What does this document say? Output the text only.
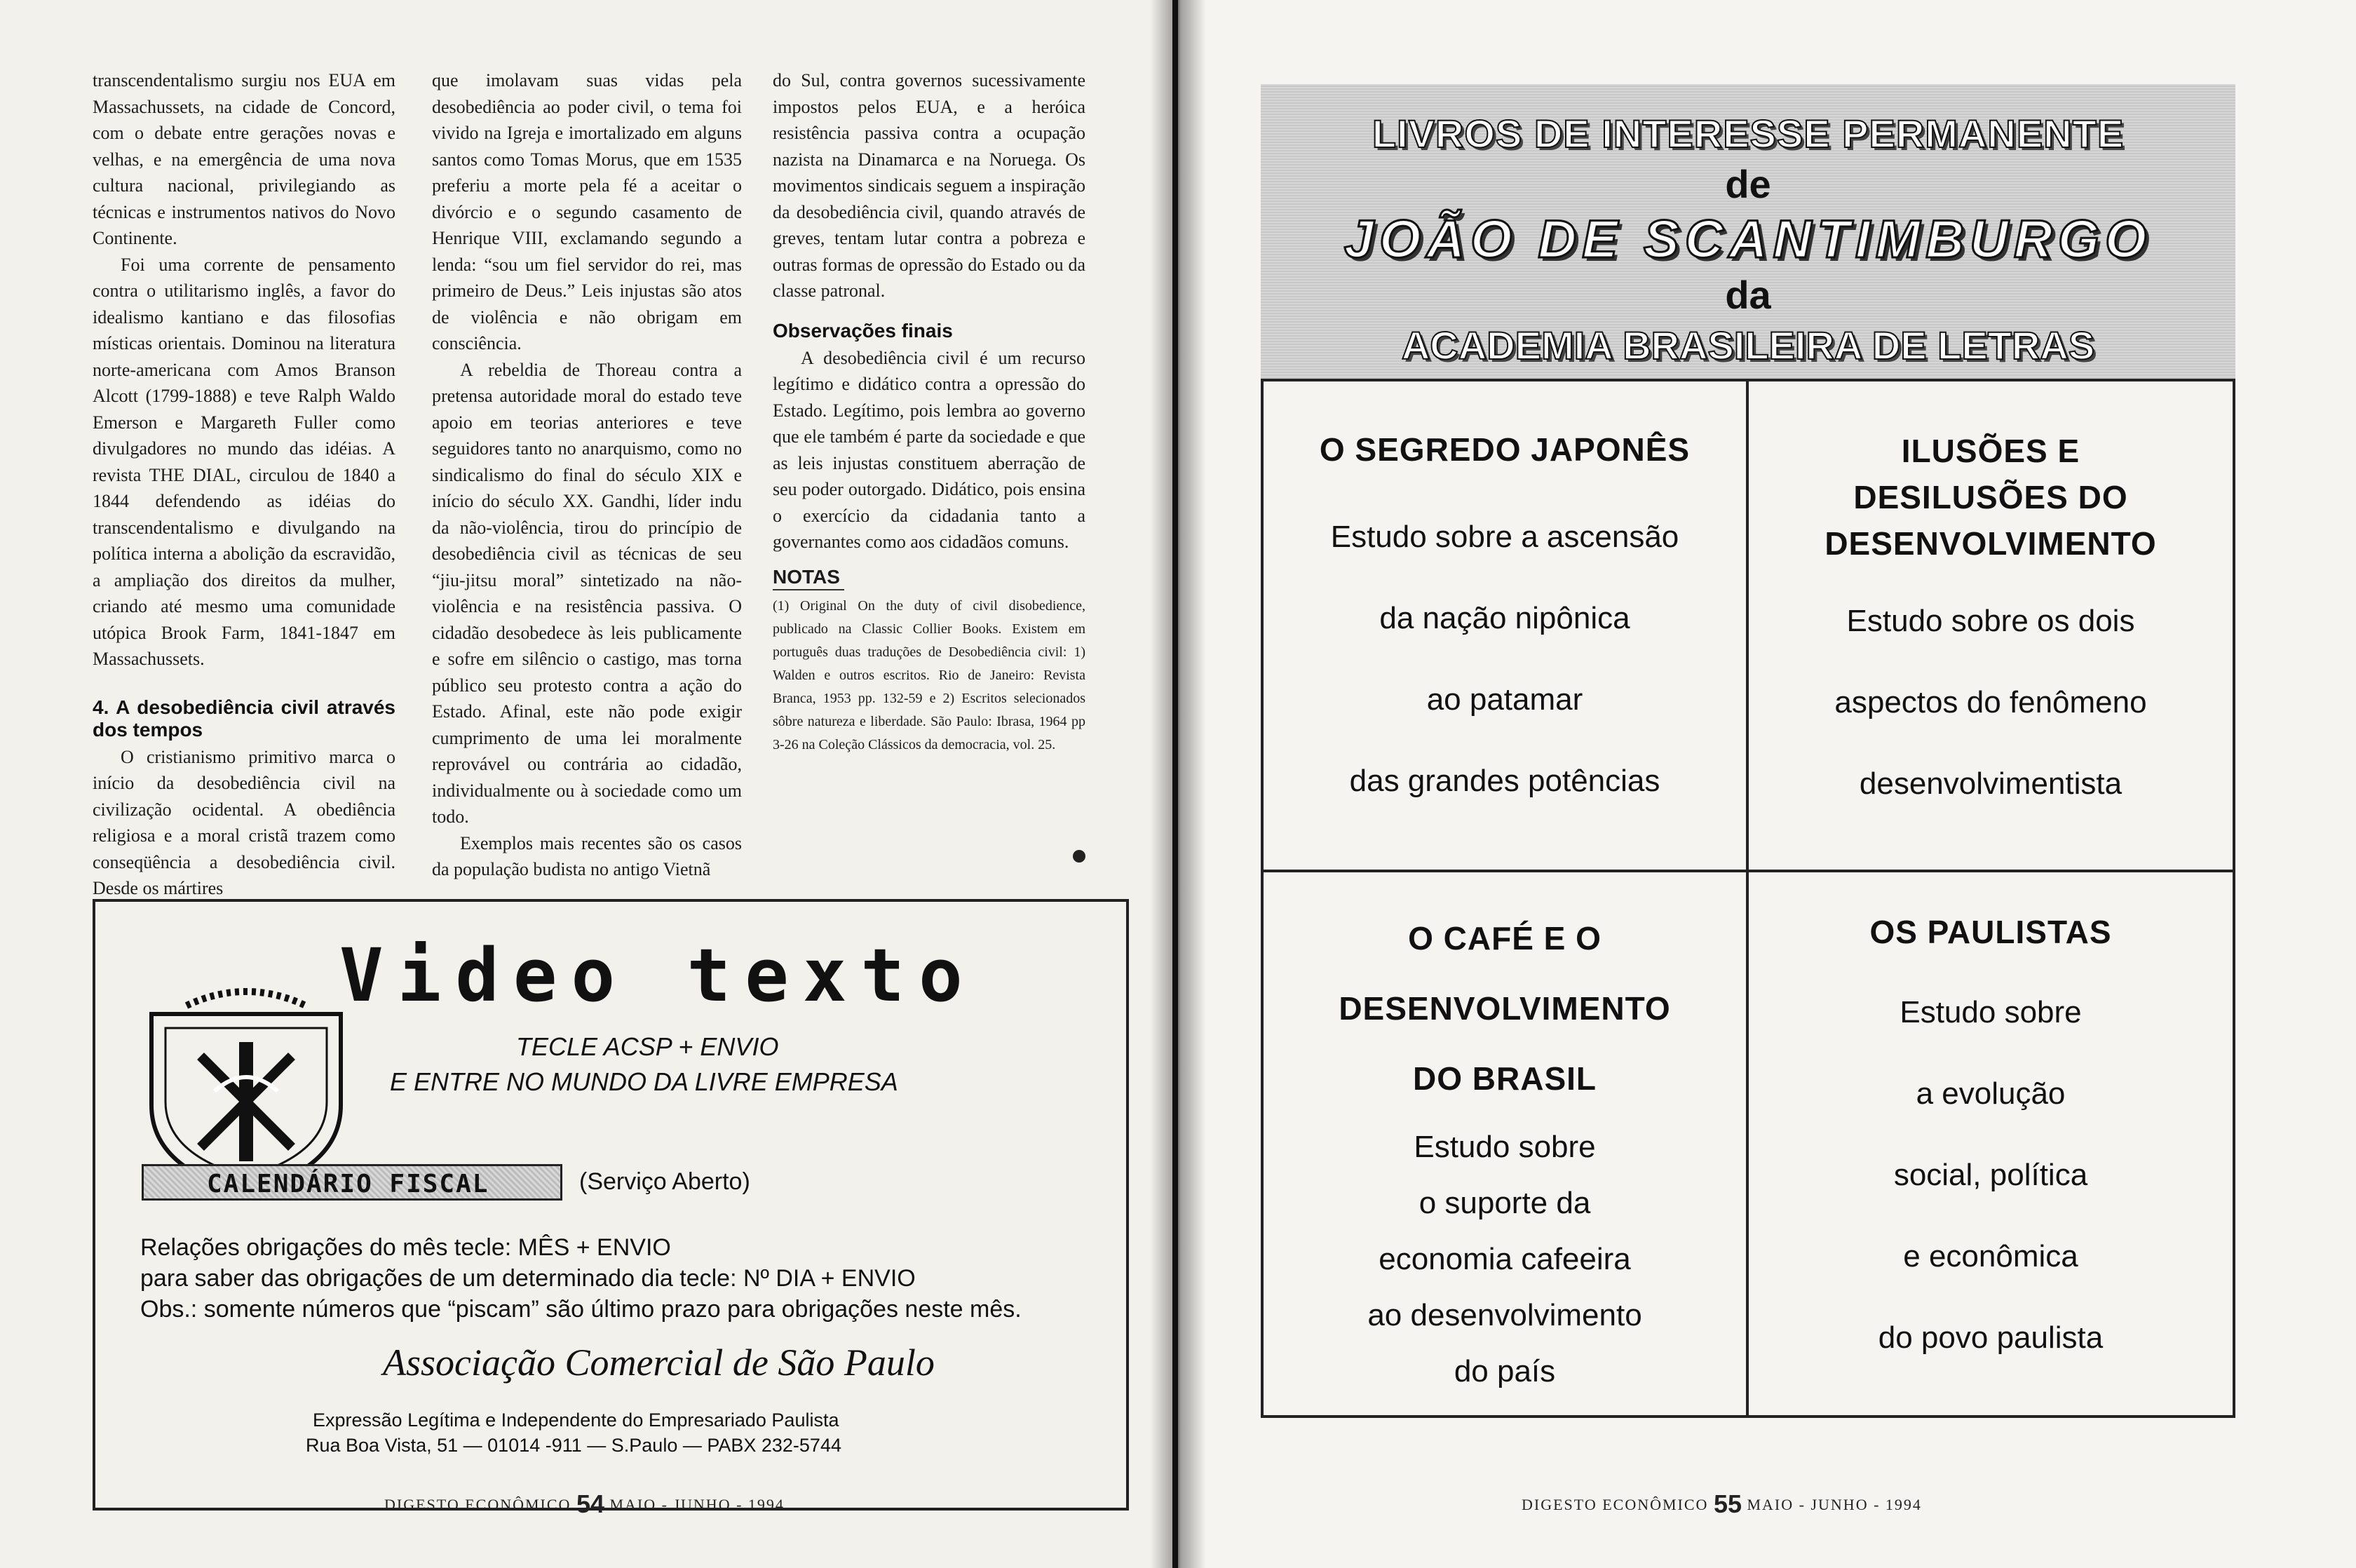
transcendentalismo surgiu nos EUA em Massachussets, na cidade de Concord, com o debate entre gerações novas e velhas, e na emergência de uma nova cultura nacional, privilegiando as técnicas e instrumentos nativos do Novo Continente.

Foi uma corrente de pensamento contra o utilitarismo inglês, a favor do idealismo kantiano e das filosofias místicas orientais. Dominou na literatura norte-americana com Amos Branson Alcott (1799-1888) e teve Ralph Waldo Emerson e Margareth Fuller como divulgadores no mundo das idéias. A revista THE DIAL, circulou de 1840 a 1844 defendendo as idéias do transcendentalismo e divulgando na política interna a abolição da escravidão, a ampliação dos direitos da mulher, criando até mesmo uma comunidade utópica Brook Farm, 1841-1847 em Massachussets.

4. A desobediência civil através dos tempos

O cristianismo primitivo marca o início da desobediência civil na civilização ocidental. A obediência religiosa e a moral cristã trazem como conseqüência a desobediência civil. Desde os mártires

que imolavam suas vidas pela desobediência ao poder civil, o tema foi vivido na Igreja e imortalizado em alguns santos como Tomas Morus, que em 1535 preferiu a morte pela fé a aceitar o divórcio e o segundo casamento de Henrique VIII, exclamando segundo a lenda: “sou um fiel servidor do rei, mas primeiro de Deus.” Leis injustas são atos de violência e não obrigam em consciência.

A rebeldia de Thoreau contra a pretensa autoridade moral do estado teve apoio em teorias anteriores e teve seguidores tanto no anarquismo, como no sindicalismo do final do século XIX e início do século XX. Gandhi, líder indu da não-violência, tirou do princípio de desobediência civil as técnicas de seu “jiu-jitsu moral” sintetizado na não-violência e na resistência passiva. O cidadão desobedece às leis publicamente e sofre em silêncio o castigo, mas torna público seu protesto contra a ação do Estado. Afinal, este não pode exigir cumprimento de uma lei moralmente reprovável ou contrária ao cidadão, individualmente ou à sociedade como um todo.

Exemplos mais recentes são os casos da população budista no antigo Vietnã

do Sul, contra governos sucessivamente impostos pelos EUA, e a heróica resistência passiva contra a ocupação nazista na Dinamarca e na Noruega. Os movimentos sindicais seguem a inspiração da desobediência civil, quando através de greves, tentam lutar contra a pobreza e outras formas de opressão do Estado ou da classe patronal.

Observações finais

A desobediência civil é um recurso legítimo e didático contra a opressão do Estado. Legítimo, pois lembra ao governo que ele também é parte da sociedade e que as leis injustas constituem aberração de seu poder outorgado. Didático, pois ensina o exercício da cidadania tanto a governantes como aos cidadãos comuns.

NOTAS
(1) Original On the duty of civil disobedience, publicado na Classic Collier Books. Existem em português duas traduções de Desobediência civil: 1) Walden e outros escritos. Rio de Janeiro: Revista Branca, 1953 pp. 132-59 e 2) Escritos selecionados sôbre natureza e liberdade. São Paulo: Ibrasa, 1964 pp 3-26 na Coleção Clássicos da democracia, vol. 25.
Video texto
TECLE ACSP + ENVIO
E ENTRE NO MUNDO DA LIVRE EMPRESA
CALENDÁRIO FISCAL	(Serviço Aberto)
Relações obrigações do mês tecle: MÊS + ENVIO
para saber das obrigações de um determinado dia tecle: Nº DIA + ENVIO
Obs.: somente números que “piscam” são último prazo para obrigações neste mês.
Associação Comercial de São Paulo
Expressão Legítima e Independente do Empresariado Paulista
Rua Boa Vista, 51 — 01014 -911 — S.Paulo — PABX 232-5744
DIGESTO ECONÔMICO 54 MAIO - JUNHO - 1994
LIVROS DE INTERESSE PERMANENTE
de
JOÃO DE SCANTIMBURGO
da
ACADEMIA BRASILEIRA DE LETRAS
O SEGREDO JAPONÊS
Estudo sobre a ascensão
da nação nipônica
ao patamar
das grandes potências
ILUSÕES E
DESILUSÕES DO
DESENVOLVIMENTO
Estudo sobre os dois
aspectos do fenômeno
desenvolvimentista
O CAFÉ E O
DESENVOLVIMENTO
DO BRASIL
Estudo sobre
o suporte da
economia cafeeira
ao desenvolvimento
do país
OS PAULISTAS
Estudo sobre
a evolução
social, política
e econômica
do povo paulista
DIGESTO ECONÔMICO 55 MAIO - JUNHO - 1994
